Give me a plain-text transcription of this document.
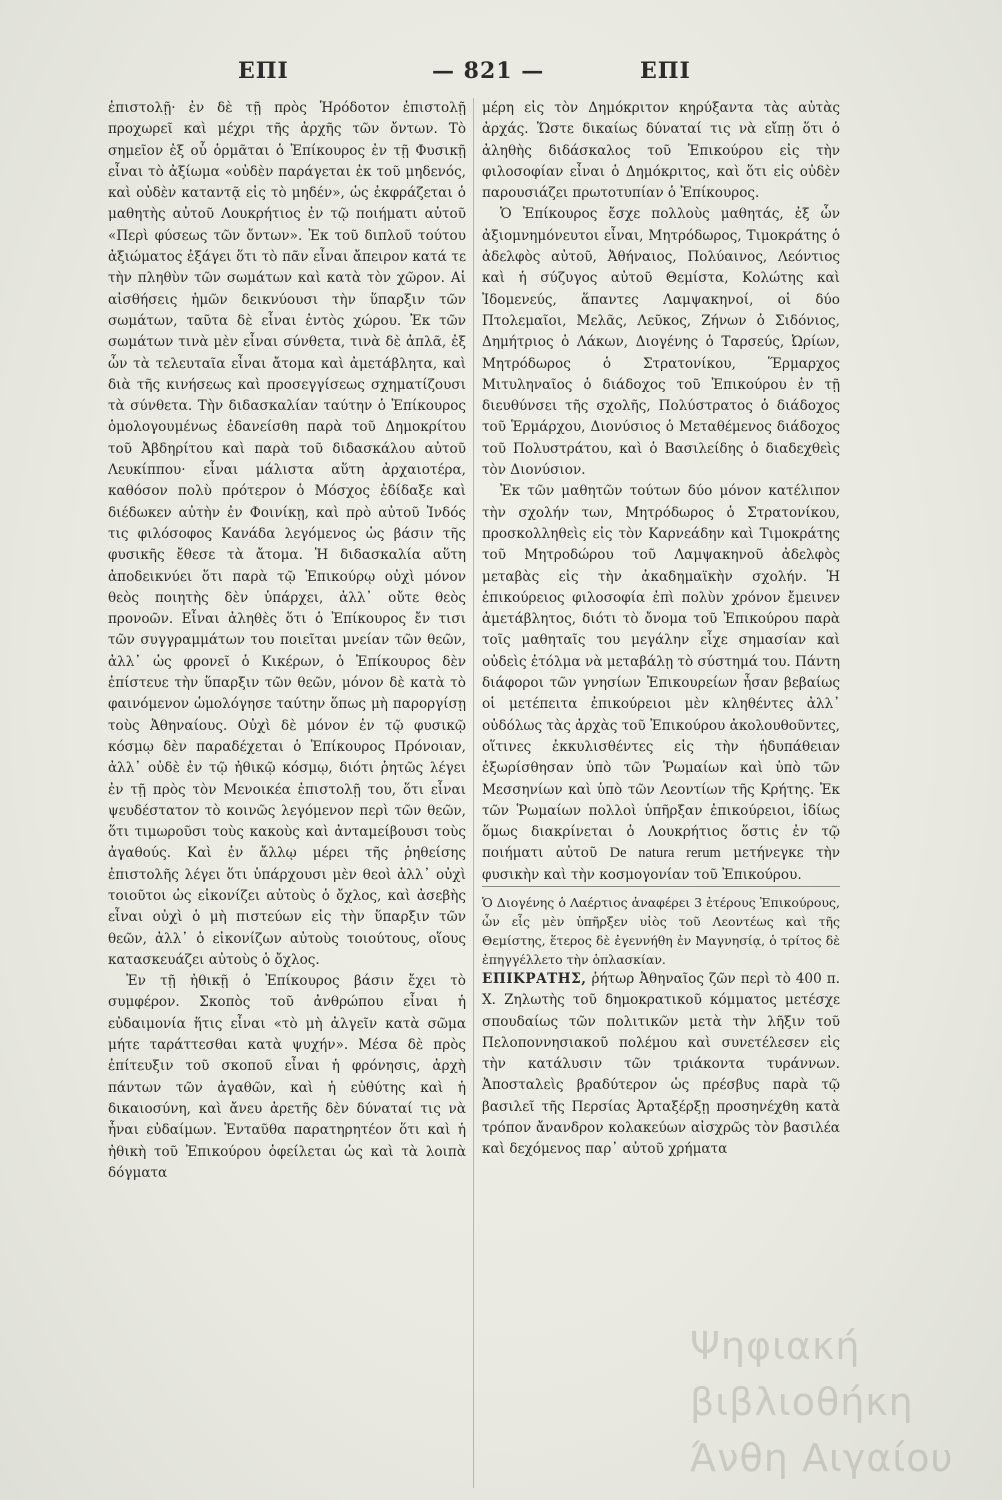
ΕΠΙ	— 821 —	ΕΠΙ

ἐπιστολῇ· ἐν δὲ τῇ πρὸς Ἡρόδοτον ἐπιστολῇ προχωρεῖ καὶ μέχρι τῆς ἀρχῆς τῶν ὄντων. Τὸ σημεῖον ἐξ οὗ ὁρμᾶται ὁ Ἐπίκουρος ἐν τῇ Φυσικῇ εἶναι τὸ ἀξίωμα «οὐδὲν παράγεται ἐκ τοῦ μηδενός, καὶ οὐδὲν καταντᾷ εἰς τὸ μηδέν», ὡς ἐκφράζεται ὁ μαθητὴς αὐτοῦ Λουκρήτιος ἐν τῷ ποιήματι αὐτοῦ «Περὶ φύσεως τῶν ὄντων». Ἐκ τοῦ διπλοῦ τούτου ἀξιώματος ἐξάγει ὅτι τὸ πᾶν εἶναι ἄπειρον κατά τε τὴν πληθὺν τῶν σωμάτων καὶ κατὰ τὸν χῶρον. Αἱ αἰσθήσεις ἡμῶν δεικνύουσι τὴν ὕπαρξιν τῶν σωμάτων, ταῦτα δὲ εἶναι ἐντὸς χώρου. Ἐκ τῶν σωμάτων τινὰ μὲν εἶναι σύνθετα, τινὰ δὲ ἁπλᾶ, ἐξ ὧν τὰ τελευταῖα εἶναι ἄτομα καὶ ἀμετάβλητα, καὶ διὰ τῆς κινήσεως καὶ προσεγγίσεως σχηματίζουσι τὰ σύνθετα. Τὴν διδασκαλίαν ταύτην ὁ Ἐπίκουρος ὁμολογουμένως ἐδανείσθη παρὰ τοῦ Δημοκρίτου τοῦ Ἀβδηρίτου καὶ παρὰ τοῦ διδασκάλου αὐτοῦ Λευκίππου· εἶναι μάλιστα αὕτη ἀρχαιοτέρα, καθόσον πολὺ πρότερον ὁ Μόσχος ἐδίδαξε καὶ διέδωκεν αὐτὴν ἐν Φοινίκῃ, καὶ πρὸ αὐτοῦ Ἰνδός τις φιλόσοφος Κανάδα λεγόμενος ὡς βάσιν τῆς φυσικῆς ἔθεσε τὰ ἄτομα. Ἡ διδασκαλία αὕτη ἀποδεικνύει ὅτι παρὰ τῷ Ἐπικούρῳ οὐχὶ μόνον θεὸς ποιητὴς δὲν ὑπάρχει, ἀλλ᾽ οὔτε θεὸς προνοῶν. Εἶναι ἀληθὲς ὅτι ὁ Ἐπίκουρος ἔν τισι τῶν συγγραμμάτων του ποιεῖται μνείαν τῶν θεῶν, ἀλλ᾽ ὡς φρονεῖ ὁ Κικέρων, ὁ Ἐπίκουρος δὲν ἐπίστευε τὴν ὕπαρξιν τῶν θεῶν, μόνον δὲ κατὰ τὸ φαινόμενον ὡμολόγησε ταύτην ὅπως μὴ παροργίσῃ τοὺς Ἀθηναίους. Οὐχὶ δὲ μόνον ἐν τῷ φυσικῷ κόσμῳ δὲν παραδέχεται ὁ Ἐπίκουρος Πρόνοιαν, ἀλλ᾽ οὐδὲ ἐν τῷ ἠθικῷ κόσμῳ, διότι ῥητῶς λέγει ἐν τῇ πρὸς τὸν Μενοικέα ἐπιστολῇ του, ὅτι εἶναι ψευδέστατον τὸ κοινῶς λεγόμενον περὶ τῶν θεῶν, ὅτι τιμωροῦσι τοὺς κακοὺς καὶ ἀνταμείβουσι τοὺς ἀγαθούς. Καὶ ἐν ἄλλῳ μέρει τῆς ῥηθείσης ἐπιστολῆς λέγει ὅτι ὑπάρχουσι μὲν θεοὶ ἀλλ᾽ οὐχὶ τοιοῦτοι ὡς εἰκονίζει αὐτοὺς ὁ ὄχλος, καὶ ἀσεβὴς εἶναι οὐχὶ ὁ μὴ πιστεύων εἰς τὴν ὕπαρξιν τῶν θεῶν, ἀλλ᾽ ὁ εἰκονίζων αὐτοὺς τοιούτους, οἵους κατασκευάζει αὐτοὺς ὁ ὄχλος.

Ἐν τῇ ἠθικῇ ὁ Ἐπίκουρος βάσιν ἔχει τὸ συμφέρον. Σκοπὸς τοῦ ἀνθρώπου εἶναι ἡ εὐδαιμονία ἥτις εἶναι «τὸ μὴ ἀλγεῖν κατὰ σῶμα μήτε ταράττεσθαι κατὰ ψυχήν». Μέσα δὲ πρὸς ἐπίτευξιν τοῦ σκοποῦ εἶναι ἡ φρόνησις, ἀρχὴ πάντων τῶν ἀγαθῶν, καὶ ἡ εὐθύτης καὶ ἡ δικαιοσύνη, καὶ ἄνευ ἀρετῆς δὲν δύναταί τις νὰ ἦναι εὐδαίμων. Ἐνταῦθα παρατηρητέον ὅτι καὶ ἡ ἠθικὴ τοῦ Ἐπικούρου ὀφείλεται ὡς καὶ τὰ λοιπὰ δόγματα

μέρη εἰς τὸν Δημόκριτον κηρύξαντα τὰς αὐτὰς ἀρχάς. Ὥστε δικαίως δύναταί τις νὰ εἴπῃ ὅτι ὁ ἀληθὴς διδάσκαλος τοῦ Ἐπικούρου εἰς τὴν φιλοσοφίαν εἶναι ὁ Δημόκριτος, καὶ ὅτι εἰς οὐδὲν παρουσιάζει πρωτοτυπίαν ὁ Ἐπίκουρος.

Ὁ Ἐπίκουρος ἔσχε πολλοὺς μαθητάς, ἐξ ὧν ἀξιομνημόνευτοι εἶναι, Μητρόδωρος, Τιμοκράτης ὁ ἀδελφὸς αὐτοῦ, Ἀθήναιος, Πολύαινος, Λεόντιος καὶ ἡ σύζυγος αὐτοῦ Θεμίστα, Κολώτης καὶ Ἰδομενεύς, ἅπαντες Λαμψακηνοί, οἱ δύο Πτολεμαῖοι, Μελᾶς, Λεῦκος, Ζήνων ὁ Σιδόνιος, Δημήτριος ὁ Λάκων, Διογένης ὁ Ταρσεύς, Ὠρίων, Μητρόδωρος ὁ Στρατονίκου, Ἕρμαρχος Μιτυληναῖος ὁ διάδοχος τοῦ Ἐπικούρου ἐν τῇ διευθύνσει τῆς σχολῆς, Πολύστρατος ὁ διάδοχος τοῦ Ἑρμάρχου, Διονύσιος ὁ Μεταθέμενος διάδοχος τοῦ Πολυστράτου, καὶ ὁ Βασιλείδης ὁ διαδεχθεὶς τὸν Διονύσιον.

Ἐκ τῶν μαθητῶν τούτων δύο μόνον κατέλιπον τὴν σχολήν των, Μητρόδωρος ὁ Στρατονίκου, προσκολληθεὶς εἰς τὸν Καρνεάδην καὶ Τιμοκράτης τοῦ Μητροδώρου τοῦ Λαμψακηνοῦ ἀδελφὸς μεταβὰς εἰς τὴν ἀκαδημαϊκὴν σχολήν. Ἡ ἐπικούρειος φιλοσοφία ἐπὶ πολὺν χρόνον ἔμεινεν ἀμετάβλητος, διότι τὸ ὄνομα τοῦ Ἐπικούρου παρὰ τοῖς μαθηταῖς του μεγάλην εἶχε σημασίαν καὶ οὐδεὶς ἐτόλμα νὰ μεταβάλῃ τὸ σύστημά του. Πάντη διάφοροι τῶν γνησίων Ἐπικουρείων ἦσαν βεβαίως οἱ μετέπειτα ἐπικούρειοι μὲν κληθέντες ἀλλ᾽ οὐδόλως τὰς ἀρχὰς τοῦ Ἐπικούρου ἀκολουθοῦντες, οἵτινες ἐκκυλισθέντες εἰς τὴν ἡδυπάθειαν ἐξωρίσθησαν ὑπὸ τῶν Ῥωμαίων καὶ ὑπὸ τῶν Μεσσηνίων καὶ ὑπὸ τῶν Λεοντίων τῆς Κρήτης. Ἐκ τῶν Ῥωμαίων πολλοὶ ὑπῆρξαν ἐπικούρειοι, ἰδίως ὅμως διακρίνεται ὁ Λουκρήτιος ὅστις ἐν τῷ ποιήματι αὐτοῦ De natura rerum μετήνεγκε τὴν φυσικὴν καὶ τὴν κοσμογονίαν τοῦ Ἐπικούρου.

Ὁ Διογένης ὁ Λαέρτιος ἀναφέρει 3 ἑτέρους Ἐπικούρους, ὧν εἷς μὲν ὑπῆρξεν υἱὸς τοῦ Λεοντέως καὶ τῆς Θεμίστης, ἕτερος δὲ ἐγεννήθη ἐν Μαγνησίᾳ, ὁ τρίτος δὲ ἐπηγγέλλετο τὴν ὁπλασκίαν.

ΕΠΙΚΡΑΤΗΣ, ῥήτωρ Ἀθηναῖος ζῶν περὶ τὸ 400 π. Χ. Ζηλωτὴς τοῦ δημοκρατικοῦ κόμματος μετέσχε σπουδαίως τῶν πολιτικῶν μετὰ τὴν λῆξιν τοῦ Πελοποννησιακοῦ πολέμου καὶ συνετέλεσεν εἰς τὴν κατάλυσιν τῶν τριάκοντα τυράννων. Ἀποσταλεὶς βραδύτερον ὡς πρέσβυς παρὰ τῷ βασιλεῖ τῆς Περσίας Ἀρταξέρξῃ προσηνέχθη κατὰ τρόπον ἄνανδρον κολακεύων αἰσχρῶς τὸν βασιλέα καὶ δεχόμενος παρ᾽ αὐτοῦ χρήματα

Ψηφιακή βιβλιοθήκη Άνθη Αιγαίου
